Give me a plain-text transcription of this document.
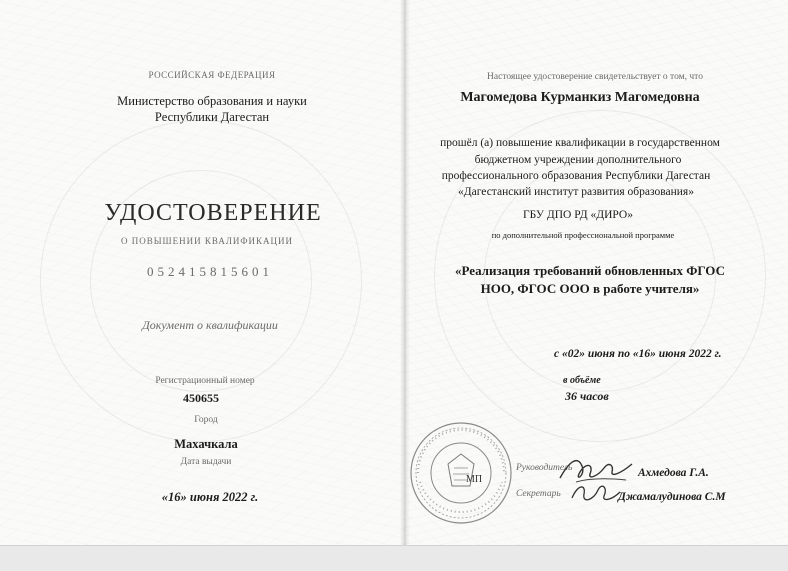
РОССИЙСКАЯ ФЕДЕРАЦИЯ
Министерство образования и науки
Республики Дагестан
УДОСТОВЕРЕНИЕ
О ПОВЫШЕНИИ КВАЛИФИКАЦИИ
052415815601
Документ о квалификации
Регистрационный номер
450655
Город
Махачкала
Дата выдачи
«16» июня 2022 г.
Настоящее удостоверение свидетельствует о том, что
Магомедова Курманкиз Магомедовна
прошёл (а) повышение квалификации в государственном
бюджетном учреждении дополнительного
профессионального образования Республики Дагестан
«Дагестанский институт развития образования»
ГБУ ДПО РД «ДИРО»
по дополнительной профессиональной программе
«Реализация требований обновленных ФГОС
НОО, ФГОС ООО в работе учителя»
с «02» июня по «16» июня 2022 г.
в объёме
36 часов
Руководитель	Ахмедова Г.А.
Секретарь	Джамалудинова С.М
МП
